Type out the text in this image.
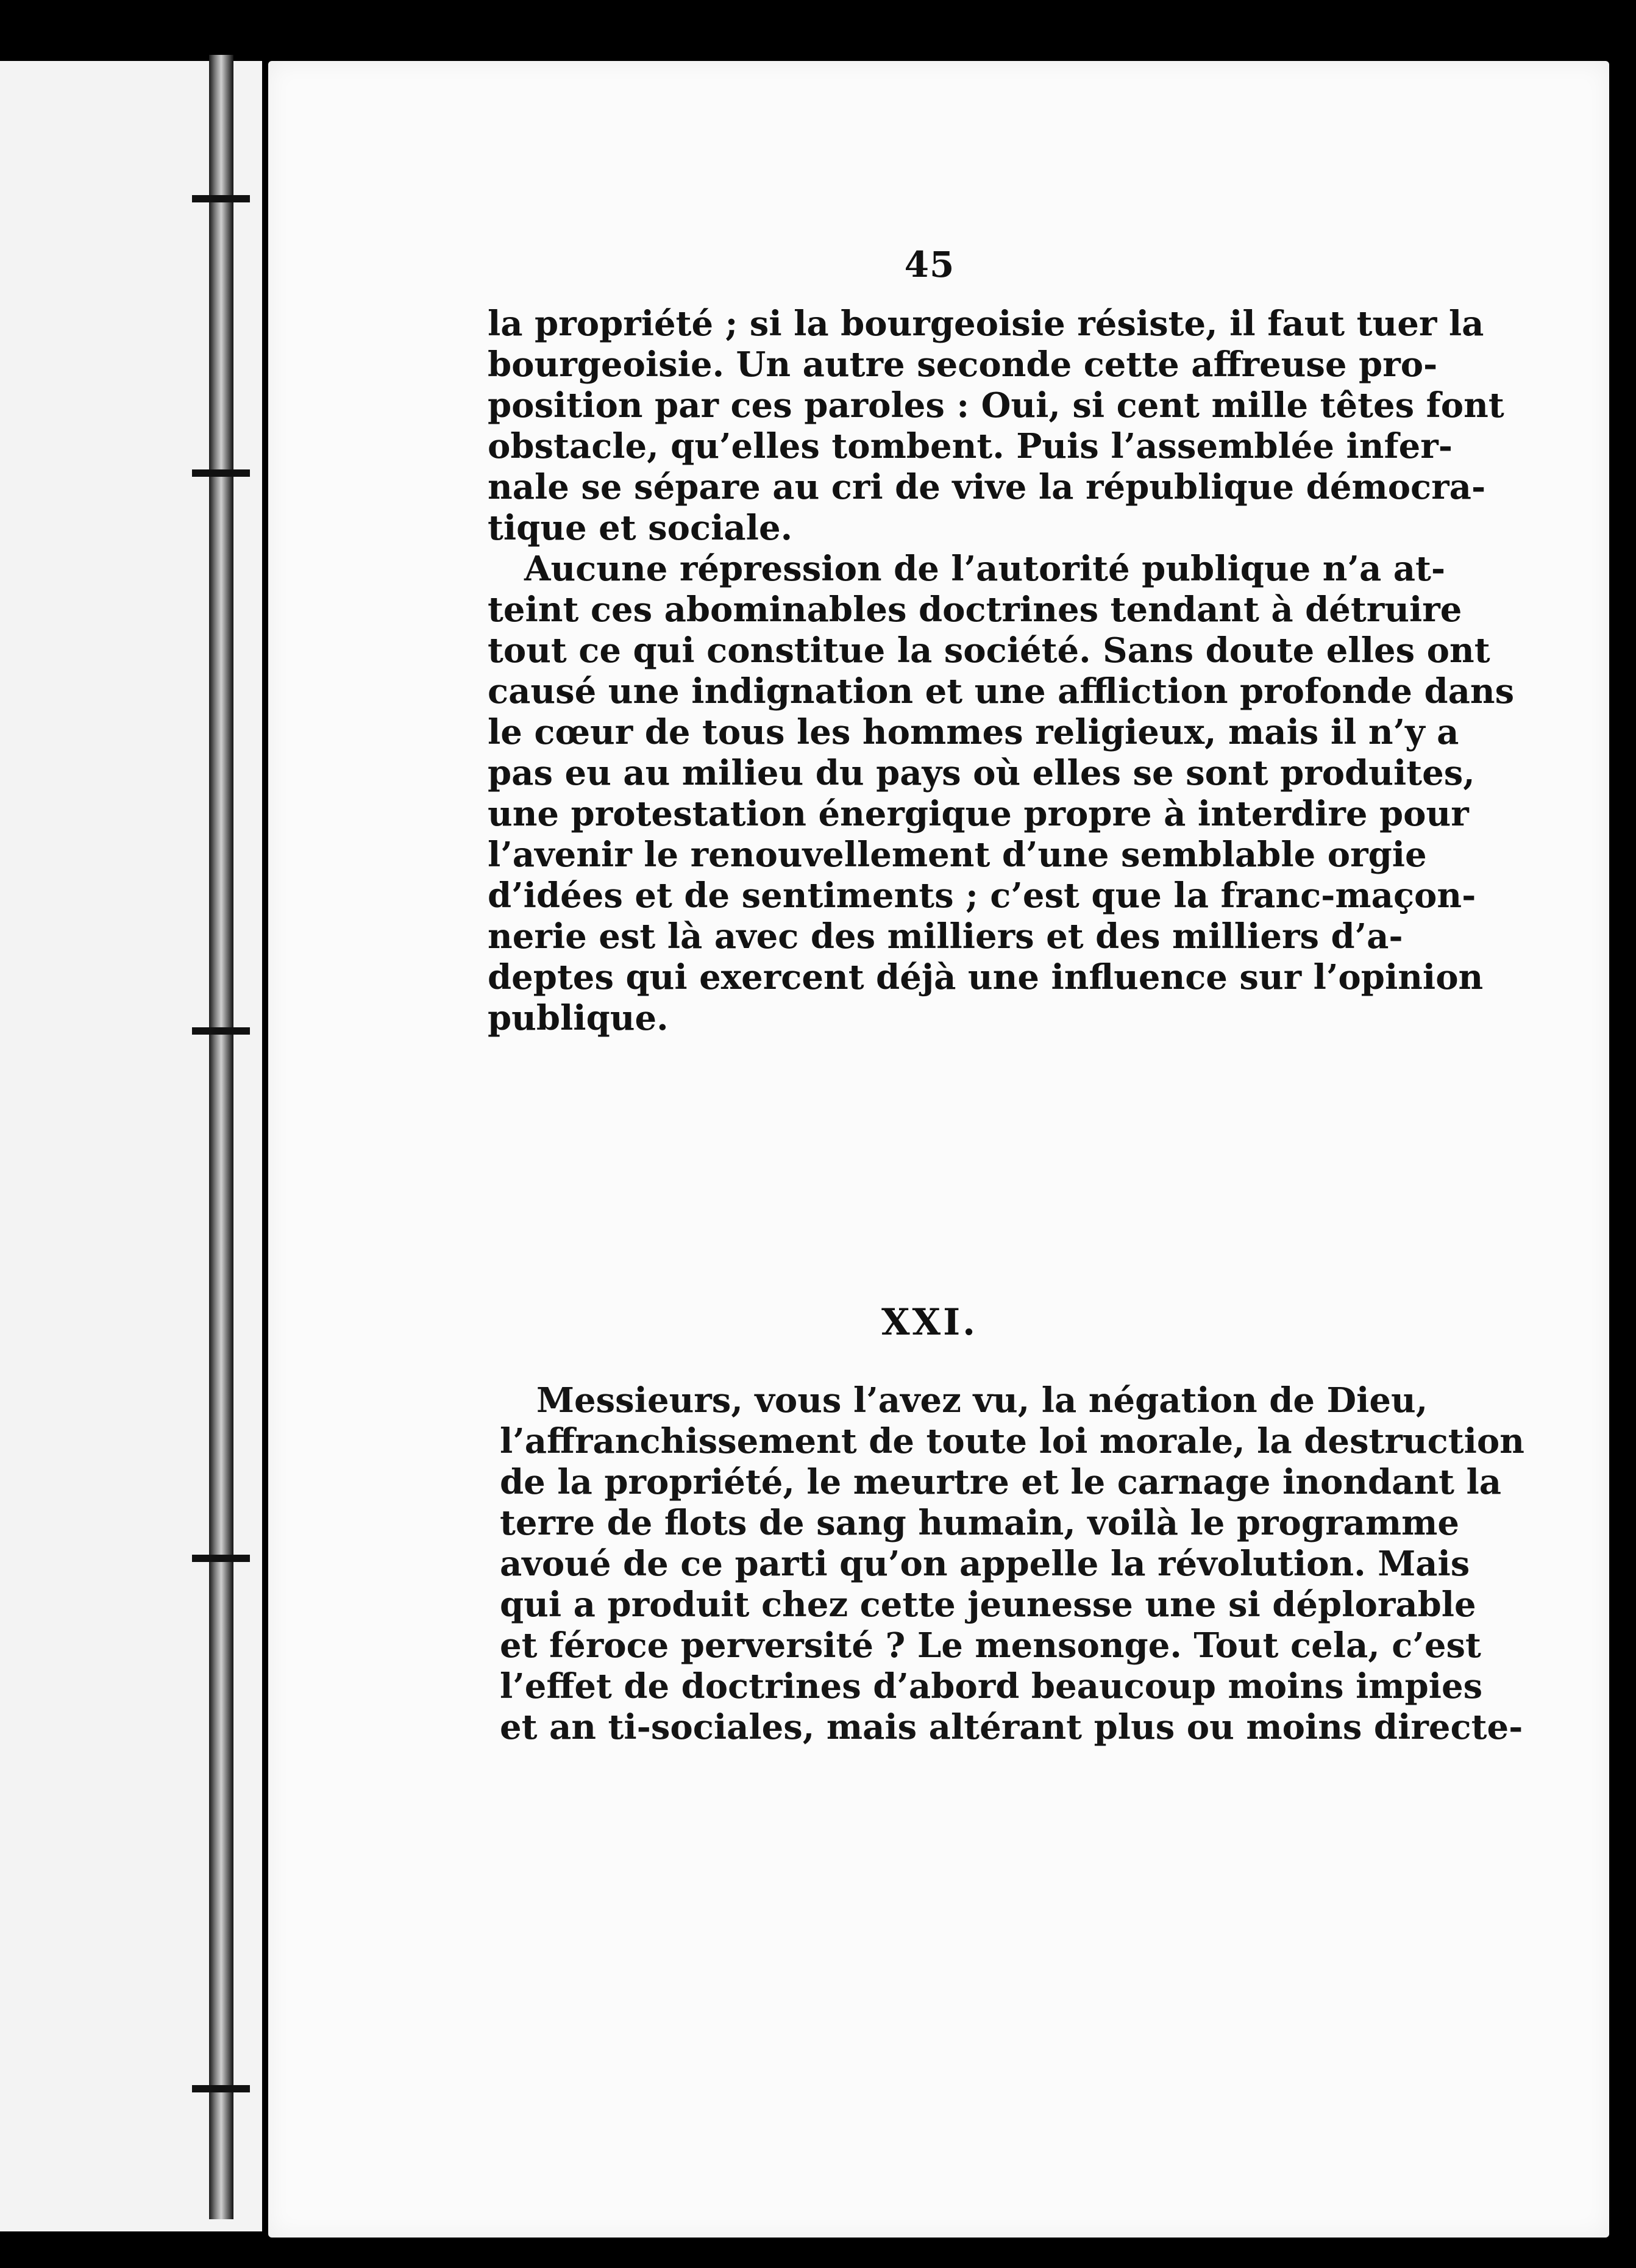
45
la propriété ; si la bourgeoisie résiste, il faut tuer la
bourgeoisie. Un autre seconde cette affreuse pro-
position par ces paroles : Oui, si cent mille têtes font
obstacle, qu’elles tombent. Puis l’assemblée infer-
nale se sépare au cri de vive la république démocra-
tique et sociale.
Aucune répression de l’autorité publique n’a at-
teint ces abominables doctrines tendant à détruire
tout ce qui constitue la société. Sans doute elles ont
causé une indignation et une affliction profonde dans
le cœur de tous les hommes religieux, mais il n’y a
pas eu au milieu du pays où elles se sont produites,
une protestation énergique propre à interdire pour
l’avenir le renouvellement d’une semblable orgie
d’idées et de sentiments ; c’est que la franc-maçon-
nerie est là avec des milliers et des milliers d’a-
deptes qui exercent déjà une influence sur l’opinion
publique.
XXI.
Messieurs, vous l’avez vu, la négation de Dieu,
l’affranchissement de toute loi morale, la destruction
de la propriété, le meurtre et le carnage inondant la
terre de flots de sang humain, voilà le programme
avoué de ce parti qu’on appelle la révolution. Mais
qui a produit chez cette jeunesse une si déplorable
et féroce perversité ? Le mensonge. Tout cela, c’est
l’effet de doctrines d’abord beaucoup moins impies
et an ti-sociales, mais altérant plus ou moins directe-
